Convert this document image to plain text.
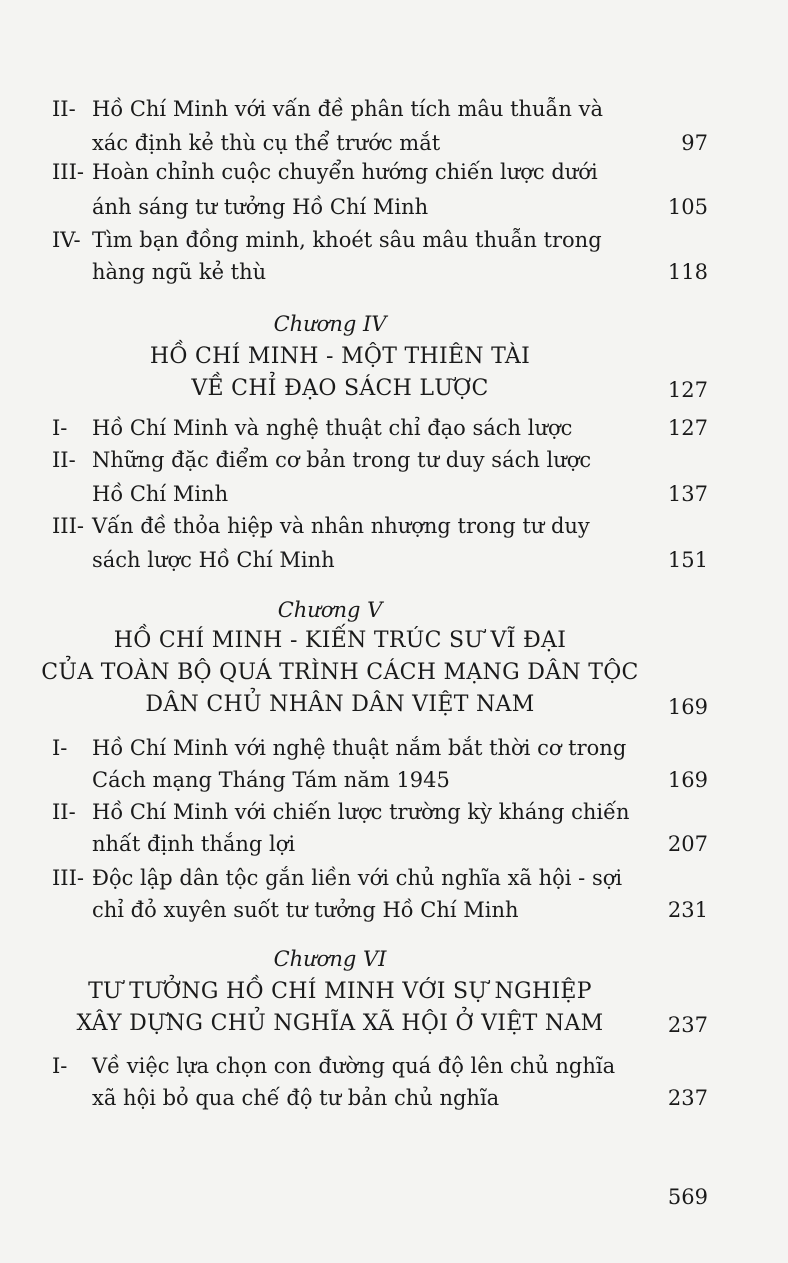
II- Hồ Chí Minh với vấn đề phân tích mâu thuẫn và
xác định kẻ thù cụ thể trước mắt	97
III- Hoàn chỉnh cuộc chuyển hướng chiến lược dưới
ánh sáng tư tưởng Hồ Chí Minh	105
IV- Tìm bạn đồng minh, khoét sâu mâu thuẫn trong
hàng ngũ kẻ thù	118
Chương IV
HỒ CHÍ MINH - MỘT THIÊN TÀI
VỀ CHỈ ĐẠO SÁCH LƯỢC	127
I- Hồ Chí Minh và nghệ thuật chỉ đạo sách lược	127
II- Những đặc điểm cơ bản trong tư duy sách lược
Hồ Chí Minh	137
III- Vấn đề thỏa hiệp và nhân nhượng trong tư duy
sách lược Hồ Chí Minh	151
Chương V
HỒ CHÍ MINH - KIẾN TRÚC SƯ VĨ ĐẠI
CỦA TOÀN BỘ QUÁ TRÌNH CÁCH MẠNG DÂN TỘC
DÂN CHỦ NHÂN DÂN VIỆT NAM	169
I- Hồ Chí Minh với nghệ thuật nắm bắt thời cơ trong
Cách mạng Tháng Tám năm 1945	169
II- Hồ Chí Minh với chiến lược trường kỳ kháng chiến
nhất định thắng lợi	207
III- Độc lập dân tộc gắn liền với chủ nghĩa xã hội - sợi
chỉ đỏ xuyên suốt tư tưởng Hồ Chí Minh	231
Chương VI
TƯ TƯỞNG HỒ CHÍ MINH VỚI SỰ NGHIỆP
XÂY DỰNG CHỦ NGHĨA XÃ HỘI Ở VIỆT NAM	237
I- Về việc lựa chọn con đường quá độ lên chủ nghĩa
xã hội bỏ qua chế độ tư bản chủ nghĩa	237
569
